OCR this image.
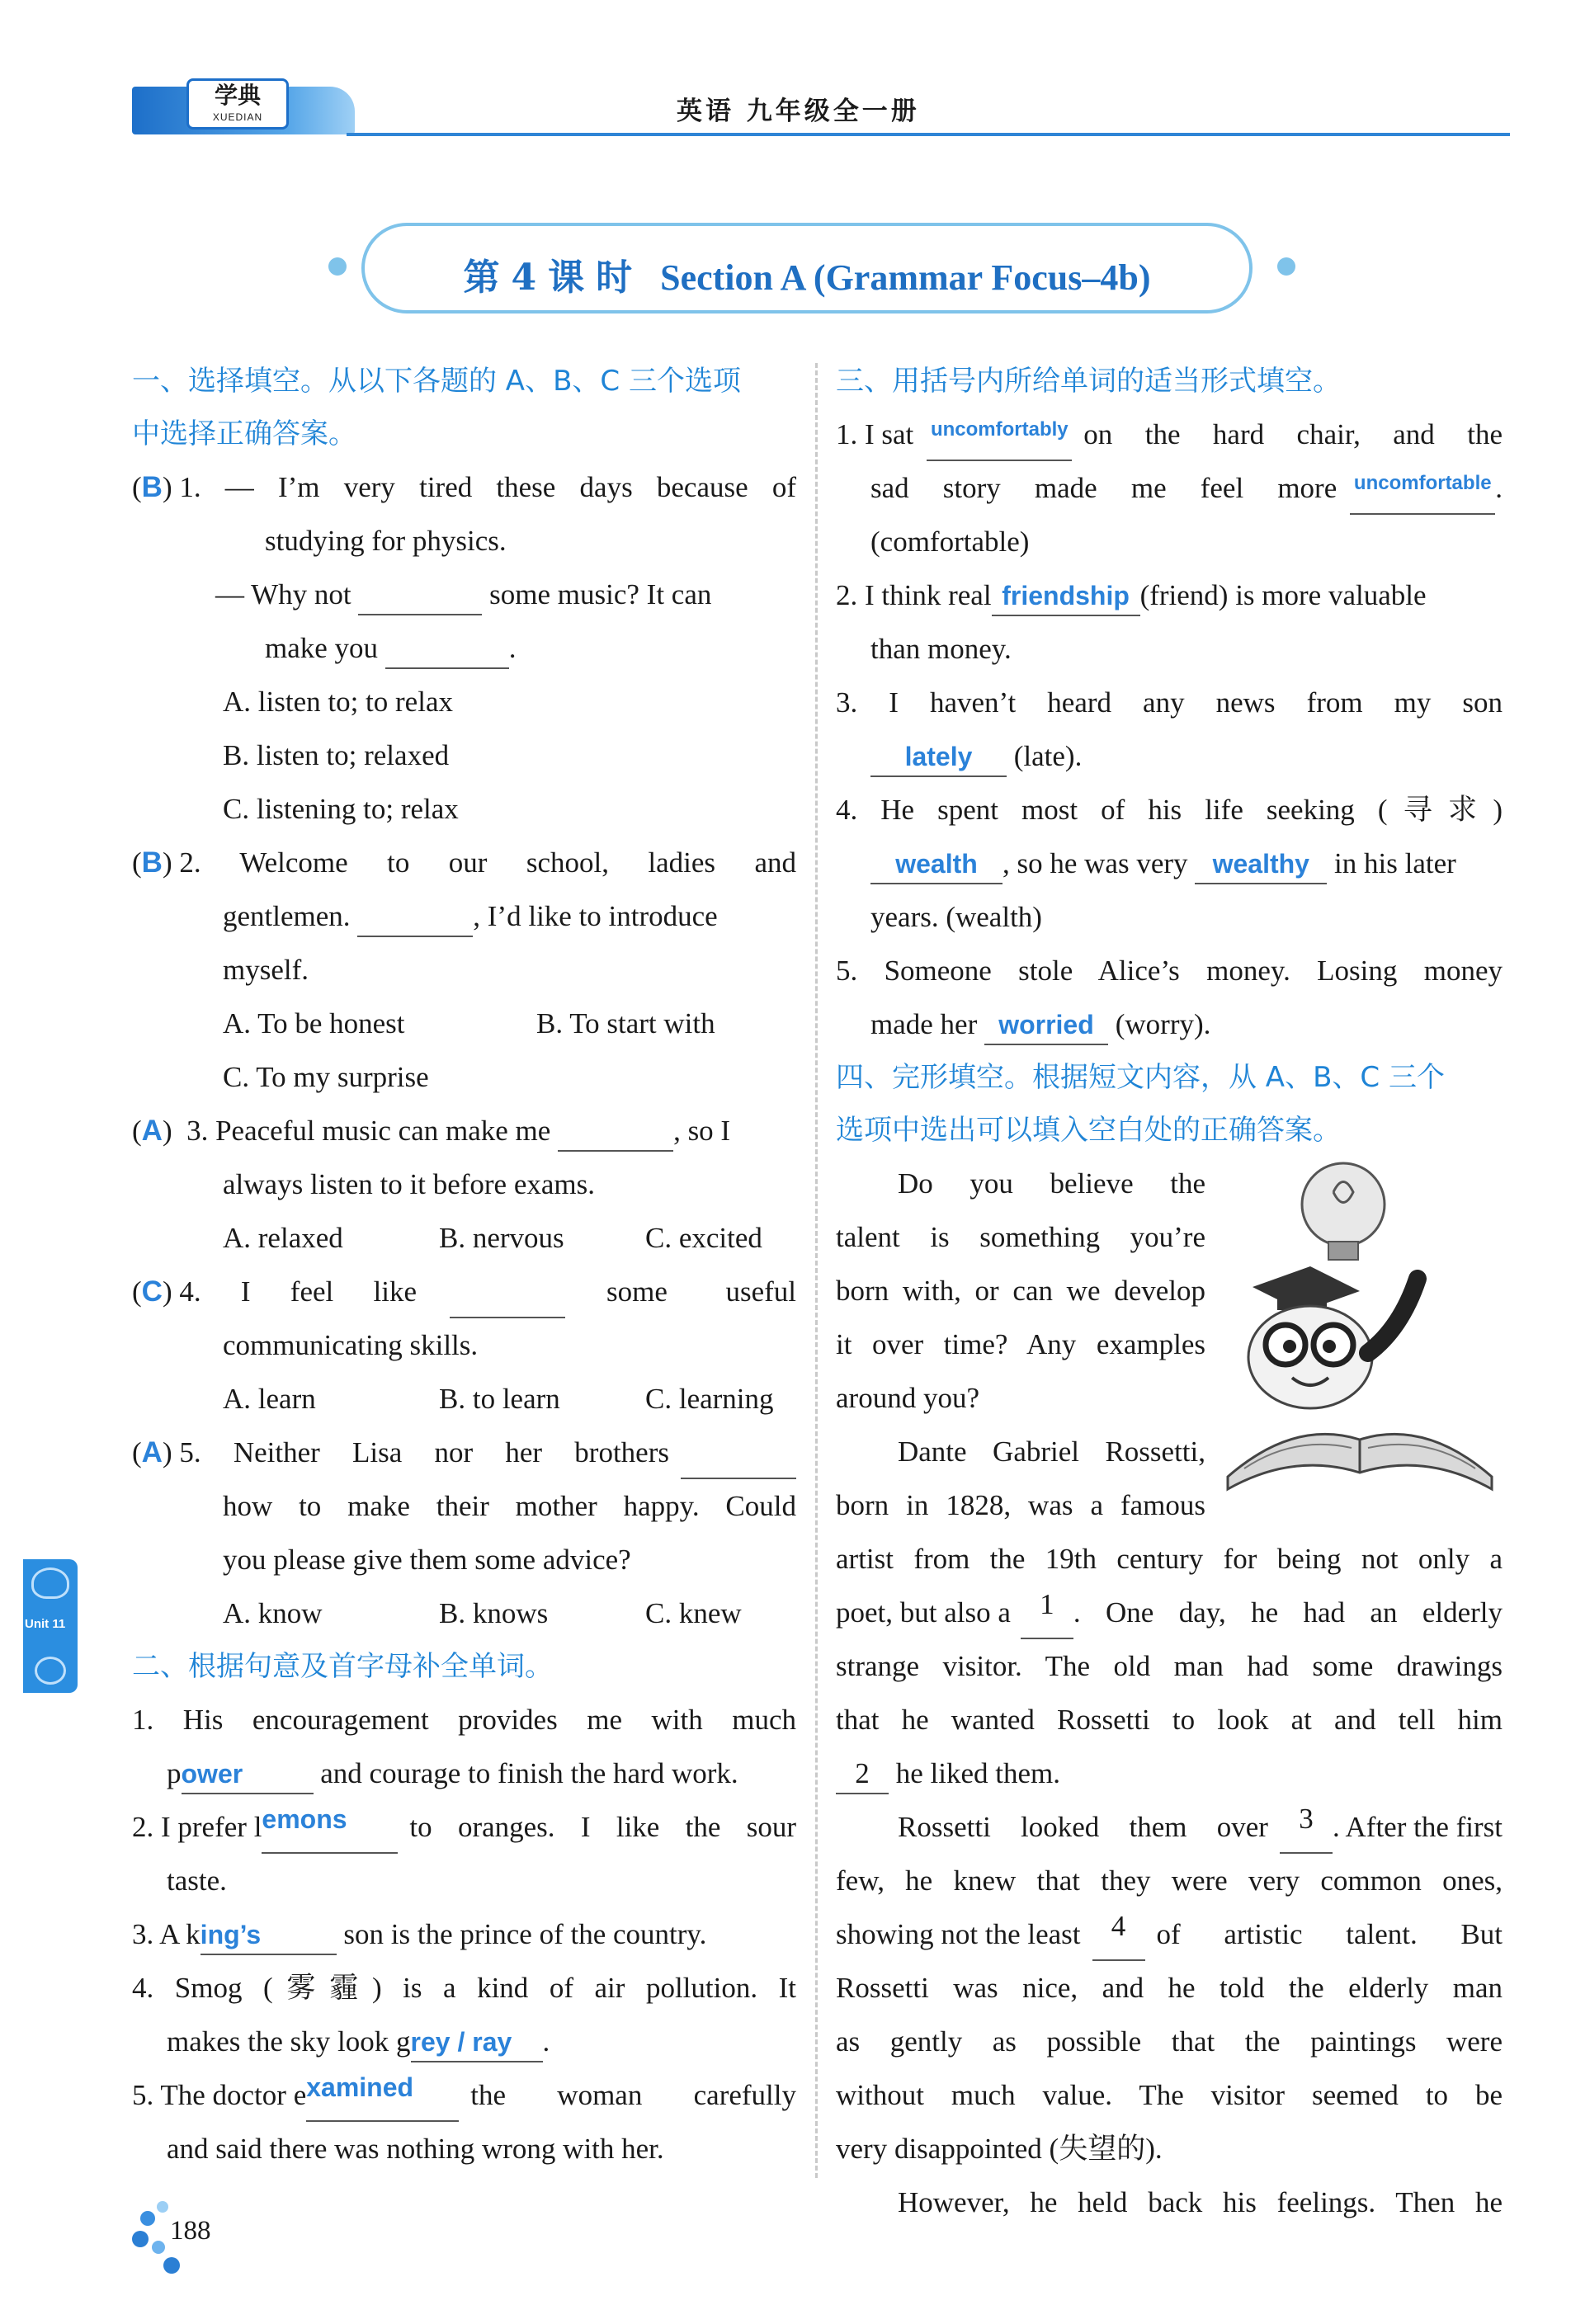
学典
XUEDIAN	英语 九年级全一册
第4课时 Section A (Grammar Focus–4b)
一、选择填空。从以下各题的 A、B、C 三个选项
中选择正确答案。
(B) 1. — I’m very tired these days because of
studying for physics.
— Why not	some music? It can
make you	.
A. listen to; to relax
B. listen to; relaxed
C. listening to; relax
(B) 2. Welcome to our school, ladies and
gentlemen.	, I’d like to introduce
myself.
A. To be honest	B. To start with
C. To my surprise
(A)  3. Peaceful music can make me	, so I
always listen to it before exams.
A. relaxed	B. nervous	C. excited
(C) 4. I feel like
	some useful
communicating skills.
A. learn	B. to learn	C. learning
(A) 5. Neither Lisa nor her brothers

how to make their mother happy. Could
you please give them some advice?
A. know	B. knows	C. knew
二、根据句意及首字母补全单词。
1. His encouragement provides me with much
power	and courage to finish the hard work.
2. I prefer l emons	to oranges. I like the sour
taste.
3. A king’s	son is the prince of the country.
4. Smog (雾霾) is a kind of air pollution. It
makes the sky look grey / ray .
5. The doctor e xamined	the woman carefully
and said there was nothing wrong with her.
三、用括号内所给单词的适当形式填空。
1. I sat uncomfortably on the hard chair, and the
sad story made me feel more uncomfortable .
(comfortable)
2. I think real friendship (friend) is more valuable
than money.
3. I haven’t heard any news from my son
lately (late).
4. He spent most of his life seeking (寻求)
wealth , so he was very wealthy in his later
years. (wealth)
5. Someone stole Alice’s money. Losing money
made her worried (worry).
四、完形填空。根据短文内容，从 A、B、C 三个
选项中选出可以填入空白处的正确答案。
Do you believe the
talent is something you’re
born with, or can we develop
it over time? Any examples
around you?
Dante Gabriel Rossetti,
born in 1828, was a famous
artist from the 19th century for being not only a
poet, but also a	1 . One day, he had an elderly
strange visitor. The old man had some drawings
that he wanted Rossetti to look at and tell him
2 he liked them.
Rossetti looked them over	3 . After the first
few, he knew that they were very common ones,
showing not the least	4	of artistic talent. But
Rossetti was nice, and he told the elderly man
as gently as possible that the paintings were
without much value. The visitor seemed to be
very disappointed (失望的).
However, he held back his feelings. Then he
Unit 11
188
